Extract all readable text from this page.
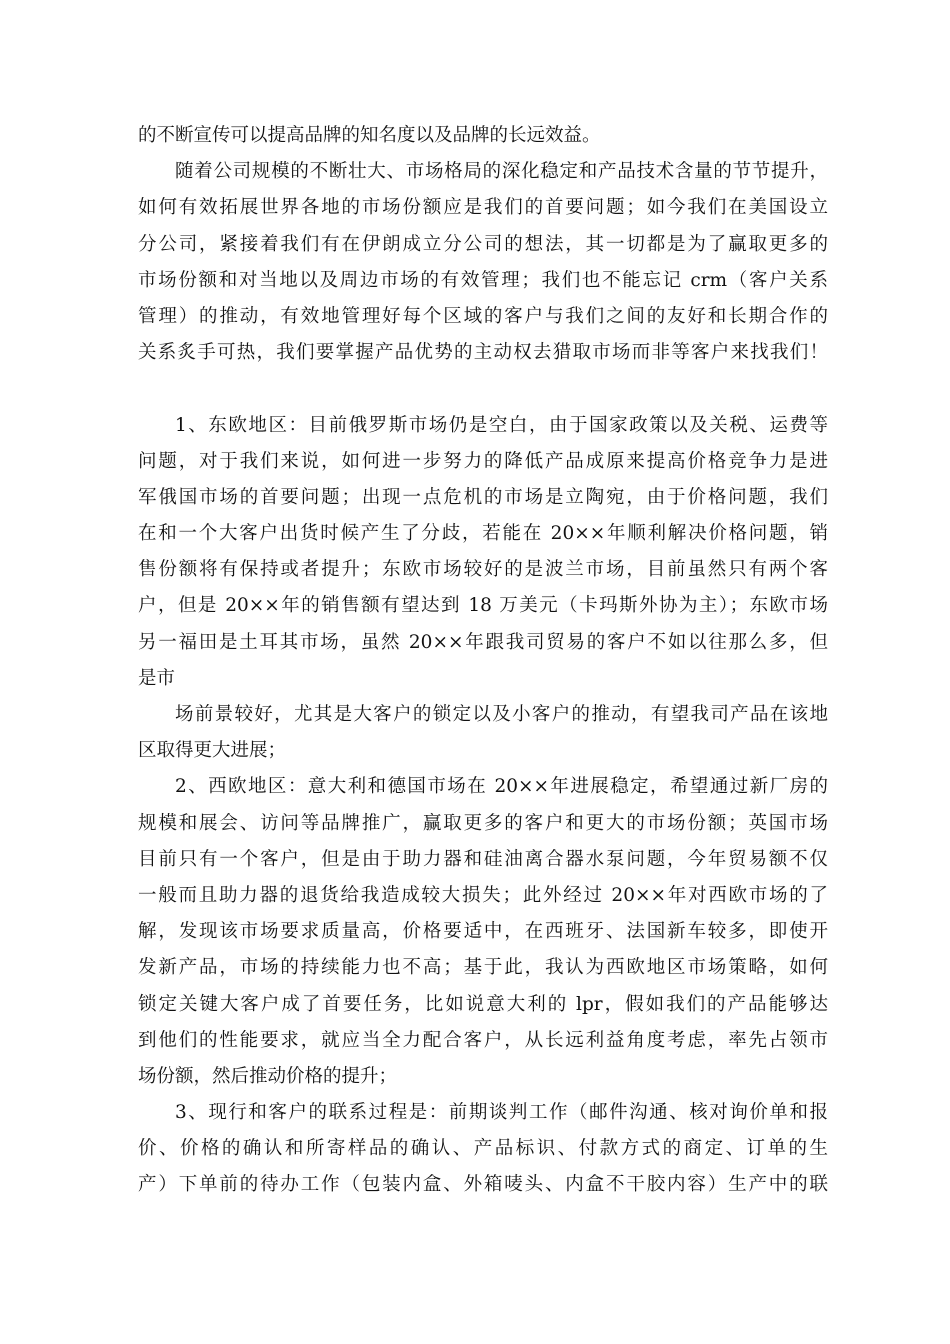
的不断宣传可以提高品牌的知名度以及品牌的长远效益。
随着公司规模的不断壮大、市场格局的深化稳定和产品技术含量的节节提升，
如何有效拓展世界各地的市场份额应是我们的首要问题；如今我们在美国设立
分公司，紧接着我们有在伊朗成立分公司的想法，其一切都是为了赢取更多的
市场份额和对当地以及周边市场的有效管理；我们也不能忘记 crm（客户关系
管理）的推动，有效地管理好每个区域的客户与我们之间的友好和长期合作的
关系炙手可热，我们要掌握产品优势的主动权去猎取市场而非等客户来找我们！
1、东欧地区：目前俄罗斯市场仍是空白，由于国家政策以及关税、运费等
问题，对于我们来说，如何进一步努力的降低产品成原来提高价格竞争力是进
军俄国市场的首要问题；出现一点危机的市场是立陶宛，由于价格问题，我们
在和一个大客户出货时候产生了分歧，若能在 20××年顺利解决价格问题，销
售份额将有保持或者提升；东欧市场较好的是波兰市场，目前虽然只有两个客
户，但是 20××年的销售额有望达到 18 万美元（卡玛斯外协为主）；东欧市场
另一福田是土耳其市场，虽然 20××年跟我司贸易的客户不如以往那么多，但
是市
场前景较好，尤其是大客户的锁定以及小客户的推动，有望我司产品在该地
区取得更大进展；
2、西欧地区：意大利和德国市场在 20××年进展稳定，希望通过新厂房的
规模和展会、访问等品牌推广，赢取更多的客户和更大的市场份额；英国市场
目前只有一个客户，但是由于助力器和硅油离合器水泵问题，今年贸易额不仅
一般而且助力器的退货给我造成较大损失；此外经过 20××年对西欧市场的了
解，发现该市场要求质量高，价格要适中，在西班牙、法国新车较多，即使开
发新产品，市场的持续能力也不高；基于此，我认为西欧地区市场策略，如何
锁定关键大客户成了首要任务，比如说意大利的 lpr，假如我们的产品能够达
到他们的性能要求，就应当全力配合客户，从长远利益角度考虑，率先占领市
场份额，然后推动价格的提升；
3、现行和客户的联系过程是：前期谈判工作（邮件沟通、核对询价单和报
价、价格的确认和所寄样品的确认、产品标识、付款方式的商定、订单的生
产）下单前的待办工作（包装内盒、外箱唛头、内盒不干胶内容）生产中的联
